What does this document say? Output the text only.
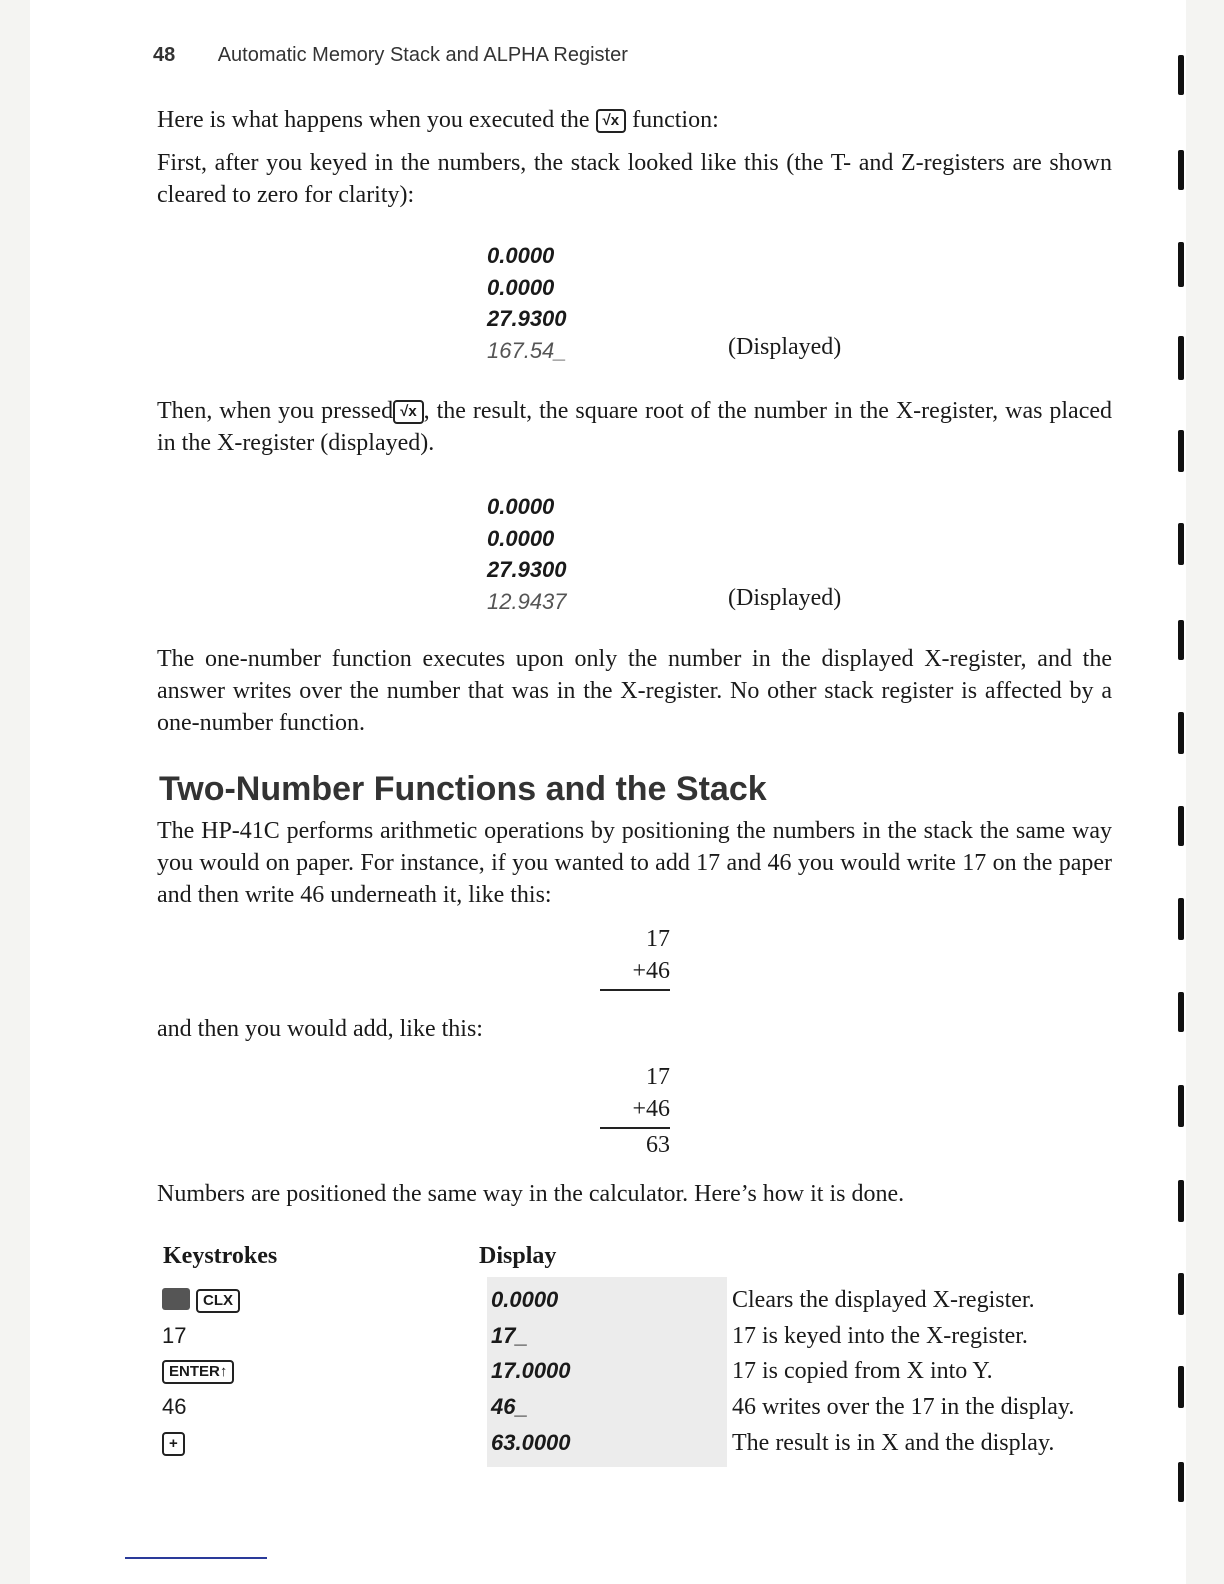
48 Automatic Memory Stack and ALPHA Register
Here is what happens when you executed the √x function:
First, after you keyed in the numbers, the stack looked like this (the T- and Z-registers are shown cleared to zero for clarity):
0.0000
0.0000
27.9300
167.54_	(Displayed)
Then, when you pressed √x , the result, the square root of the number in the X-register, was placed in the X-register (displayed).
0.0000
0.0000
27.9300
12.9437	(Displayed)
The one-number function executes upon only the number in the displayed X-register, and the answer writes over the number that was in the X-register. No other stack register is affected by a one-number function.
Two-Number Functions and the Stack
The HP-41C performs arithmetic operations by positioning the numbers in the stack the same way you would on paper. For instance, if you wanted to add 17 and 46 you would write 17 on the paper and then write 46 underneath it, like this:
17
+46
and then you would add, like this:
17
+46
63
Numbers are positioned the same way in the calculator. Here’s how it is done.
Keystrokes	Display
CLX	0.0000	Clears the displayed X-register.
17	17_	17 is keyed into the X-register.
ENTER↑	17.0000	17 is copied from X into Y.
46	46_	46 writes over the 17 in the display.
+	63.0000	The result is in X and the display.
